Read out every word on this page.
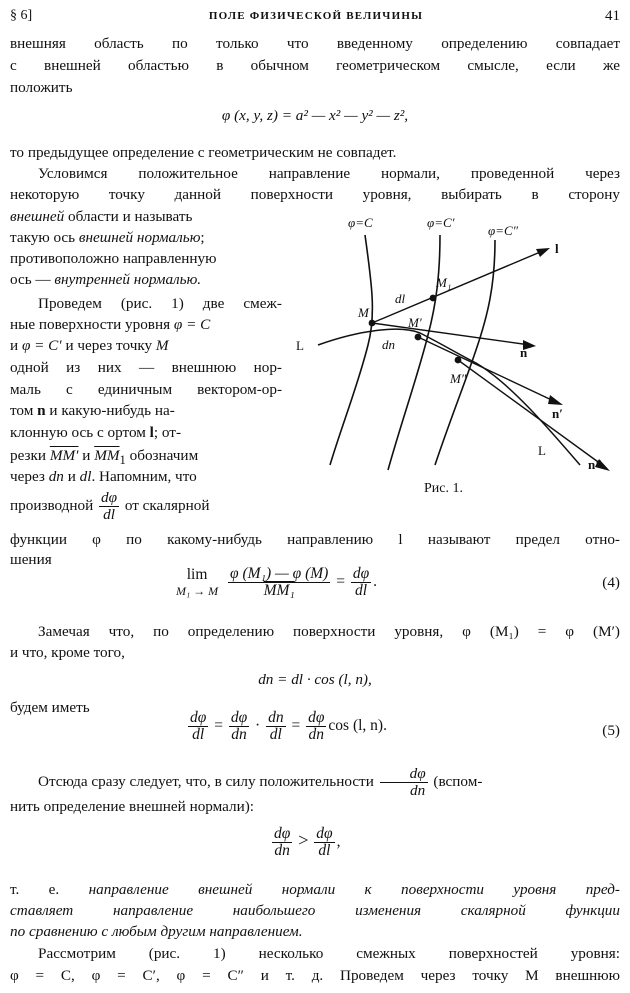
§ 6]	ПОЛЕ ФИЗИЧЕСКОЙ ВЕЛИЧИНЫ	41
внешняя область по только что введенному определению совпадает
с внешней областью в обычном геометрическом смысле, если же
положить
φ (x, y, z) = a² — x² — y² — z²,
то предыдущее определение с геометрическим не совпадет.
Условимся положительное направление нормали, проведенной через
некоторую точку данной поверхности уровня, выбирать в сторону
внешней области и называть
такую ось внешней нормалью;
противоположно направленную
ось — внутренней нормалью.
Проведем (рис. 1) две смеж-
ные поверхности уровня φ = C
и φ = C′ и через точку M
одной из них — внешнюю нор-
маль с единичным вектором-ор-
том n и какую-нибудь на-
клонную ось с ортом l; от-
резки MM′ и $\overline{MM}_1$ обозначим
через dn и dl. Напомним, что
производной $\frac{d\varphi}{dl}$ от скалярной
Рис. 1.
φ=C	φ=C′
φ=C″
l
L
L
M
M₁
M′
M″
dl
dn
n
n′
n″
функции φ по какому-нибудь направлению l называют предел отно-
шения
lim
M₁ → M
$\frac{\text{φ (M₁) — φ (M)}}{\text{MM₁}} = \frac{d\varphi}{dl}$ .	(4)
Замечая что, по определению поверхности уровня, φ (M₁) = φ (M′)
и что, кроме того,
dn = dl · cos (l, n),
будем иметь
$\frac{d\varphi}{dl} = \frac{d\varphi}{dn} \cdot \frac{dn}{dl} = \frac{d\varphi}{dn}$ cos (l, n).	(5)
Отсюда сразу следует, что, в силу положительности $\frac{d\varphi}{dn}$ (вспом-
нить определение внешней нормали):
$\frac{d\varphi}{dn} > \frac{d\varphi}{dl}$ ,
т. е. направление внешней нормали к поверхности уровня пред-
ставляет направление наибольшего изменения скалярной функции
по сравнению с любым другим направлением.
Рассмотрим (рис. 1) несколько смежных поверхностей уровня:
φ = C, φ = C′, φ = C″ и т. д. Проведем через точку M внешнюю
